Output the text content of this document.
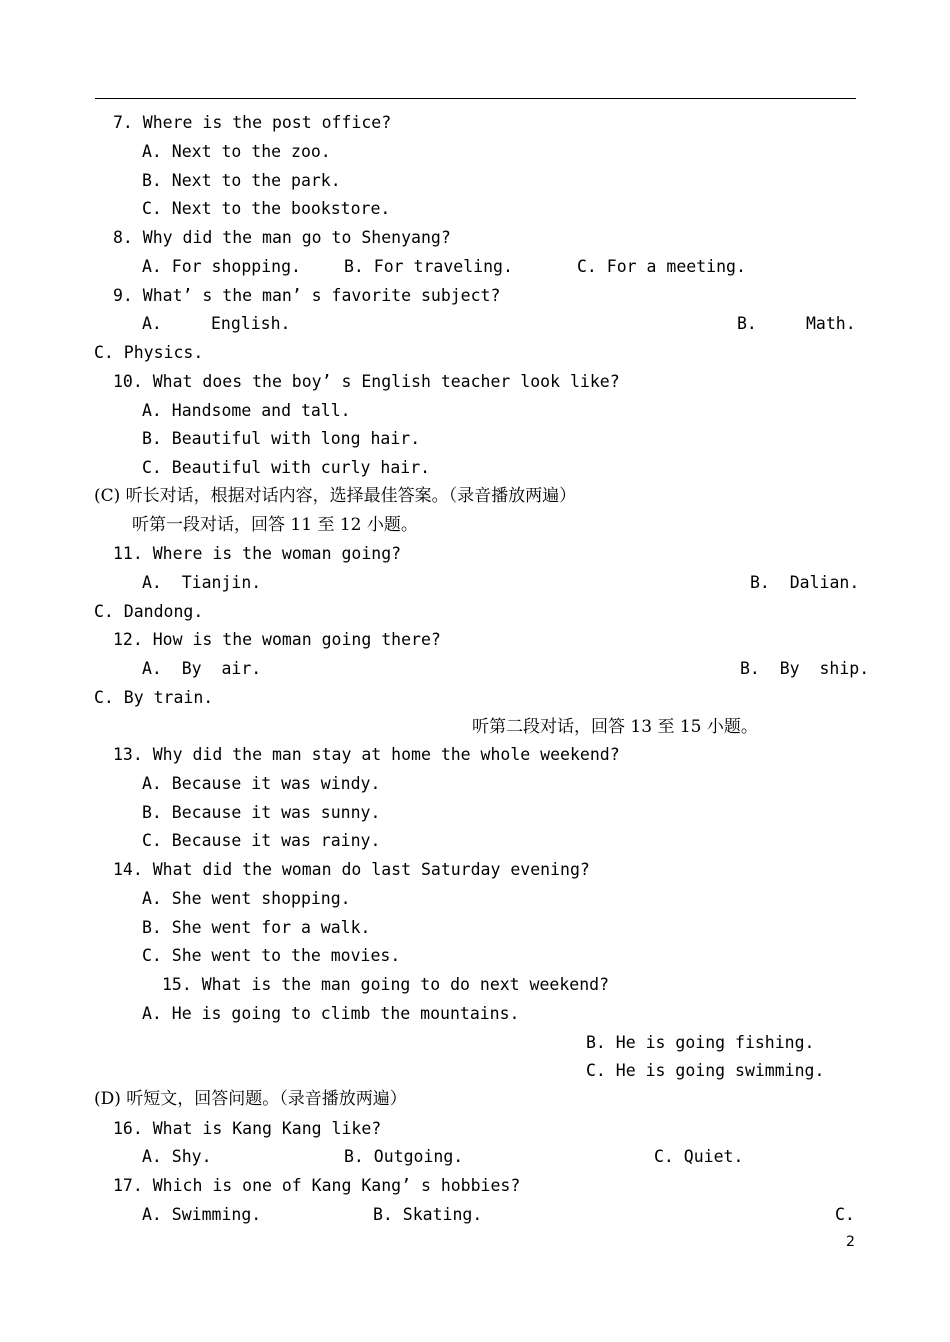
7. Where is the post office?
A. Next to the zoo.
B. Next to the park.
C. Next to the bookstore.
8. Why did the man go to Shenyang?
A. For shopping.	B. For traveling.	C. For a meeting.
9. What’ s the man’ s favorite subject?
A.	English.	B.	Math.
C. Physics.
10. What does the boy’ s English teacher look like?
A. Handsome and tall.
B. Beautiful with long hair.
C. Beautiful with curly hair.
(C) 听长对话，根据对话内容，选择最佳答案。（录音播放两遍）
听第一段对话，回答 11 至 12 小题。
11. Where is the woman going?
A.  Tianjin.	B.  Dalian.
C. Dandong.
12. How is the woman going there?
A.  By  air.	B.  By  ship.
C. By train.
听第二段对话，回答 13 至 15 小题。
13. Why did the man stay at home the whole weekend?
A. Because it was windy.
B. Because it was sunny.
C. Because it was rainy.
14. What did the woman do last Saturday evening?
A. She went shopping.
B. She went for a walk.
C. She went to the movies.
15. What is the man going to do next weekend?
A. He is going to climb the mountains.
B. He is going fishing.
C. He is going swimming.
(D) 听短文，回答问题。（录音播放两遍）
16. What is Kang Kang like?
A. Shy.	B. Outgoing.	C. Quiet.
17. Which is one of Kang Kang’ s hobbies?
A. Swimming.	B. Skating.	C.
2
